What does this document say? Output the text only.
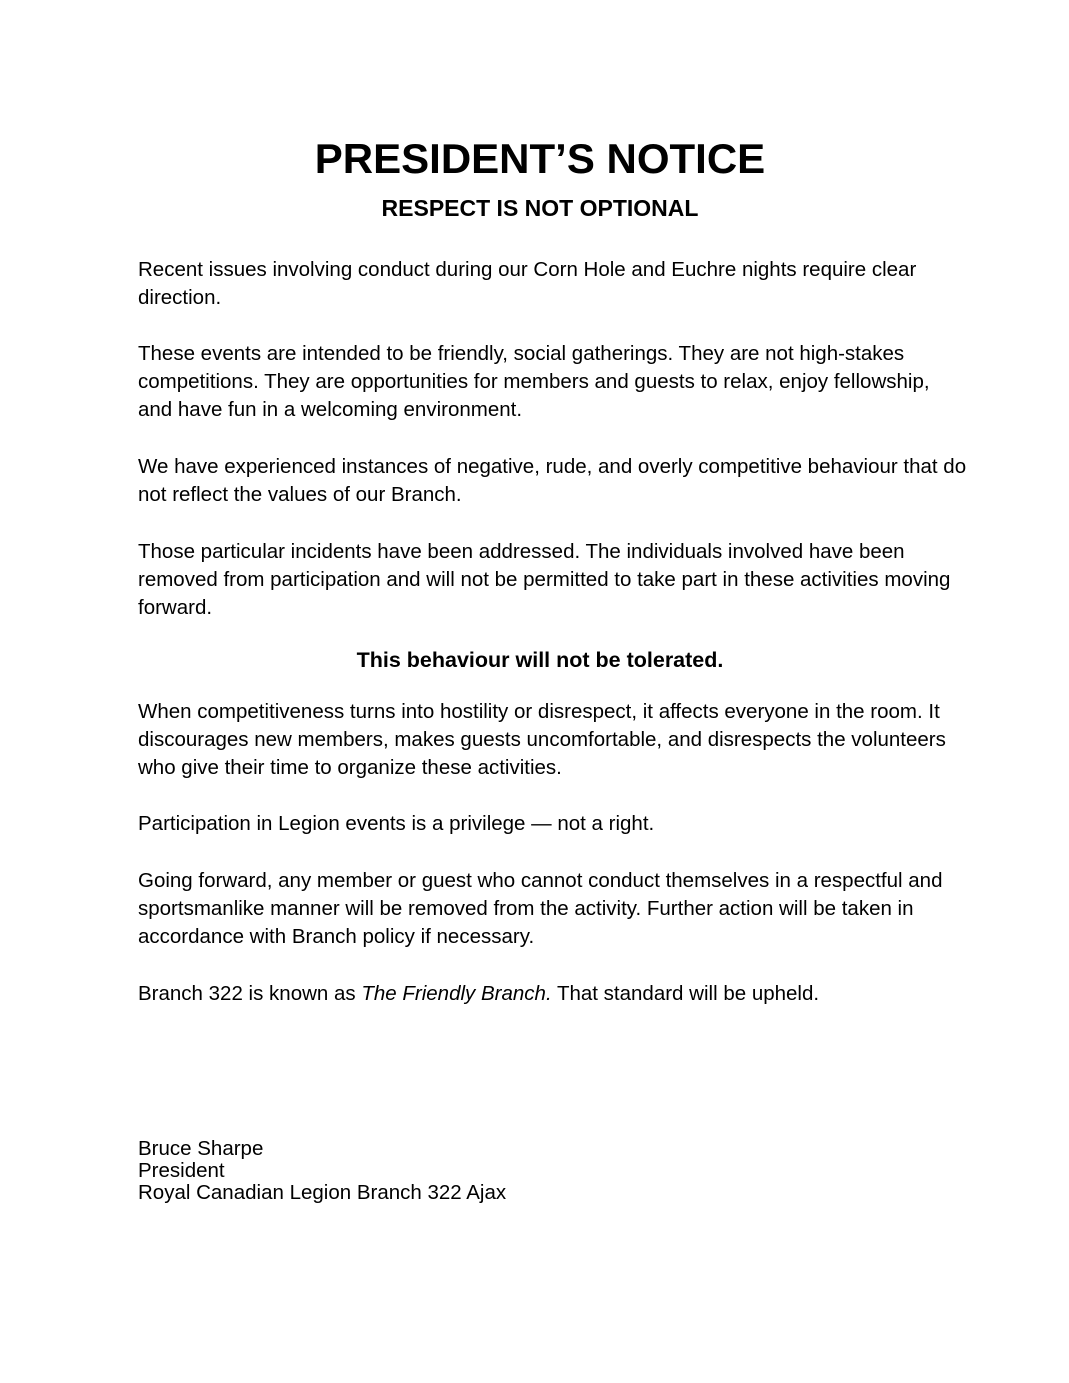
PRESIDENT’S NOTICE
RESPECT IS NOT OPTIONAL

Recent issues involving conduct during our Corn Hole and Euchre nights require clear direction.

These events are intended to be friendly, social gatherings. They are not high-stakes competitions. They are opportunities for members and guests to relax, enjoy fellowship, and have fun in a welcoming environment.

We have experienced instances of negative, rude, and overly competitive behaviour that do not reflect the values of our Branch.

Those particular incidents have been addressed. The individuals involved have been removed from participation and will not be permitted to take part in these activities moving forward.

This behaviour will not be tolerated.

When competitiveness turns into hostility or disrespect, it affects everyone in the room. It discourages new members, makes guests uncomfortable, and disrespects the volunteers who give their time to organize these activities.

Participation in Legion events is a privilege — not a right.

Going forward, any member or guest who cannot conduct themselves in a respectful and sportsmanlike manner will be removed from the activity. Further action will be taken in accordance with Branch policy if necessary.

Branch 322 is known as The Friendly Branch. That standard will be upheld.

Bruce Sharpe

President

Royal Canadian Legion Branch 322 Ajax
